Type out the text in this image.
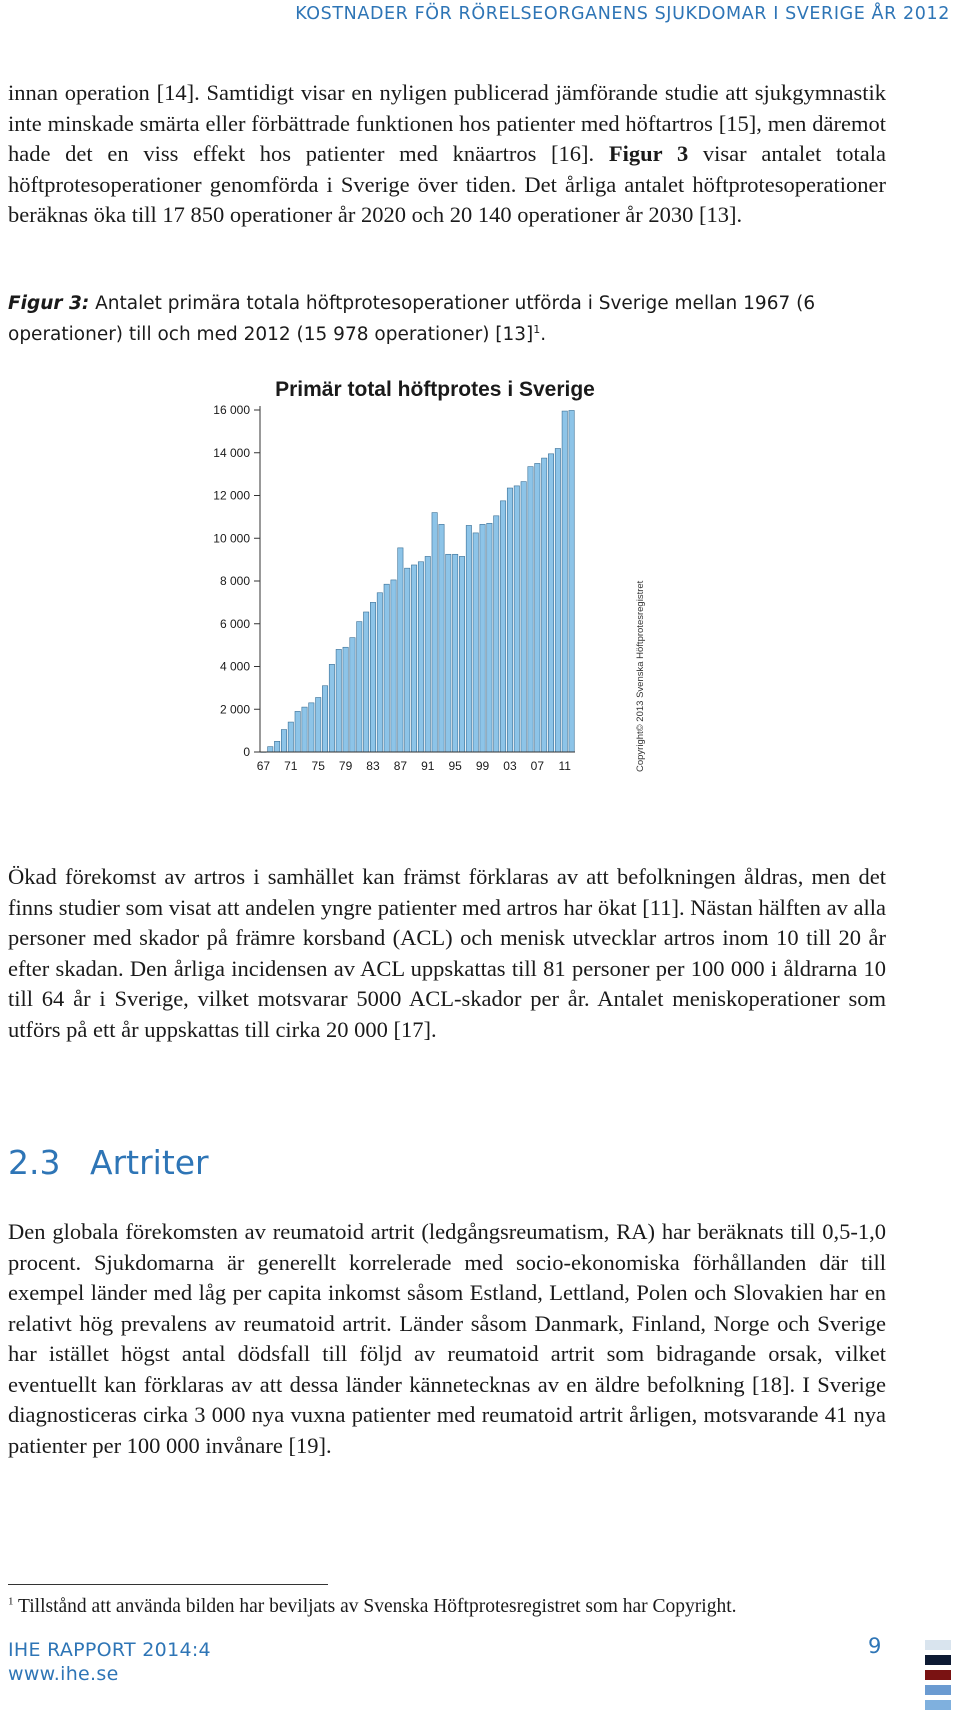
KOSTNADER FÖR RÖRELSEORGANENS SJUKDOMAR I SVERIGE ÅR 2012

innan operation [14]. Samtidigt visar en nyligen publicerad jämförande studie att sjukgymnastik inte minskade smärta eller förbättrade funktionen hos patienter med höftartros [15], men däremot hade det en viss effekt hos patienter med knäartros [16]. Figur 3 visar antalet totala höftprotesoperationer genomförda i Sverige över tiden. Det årliga antalet höftprotesoperationer beräknas öka till 17 850 operationer år 2020 och 20 140 operationer år 2030 [13].

Figur 3: Antalet primära totala höftprotesoperationer utförda i Sverige mellan 1967 (6 operationer) till och med 2012 (15 978 operationer) $[13]^1$.
Primär total höftprotes i Sverige
0
2 000
4 000
6 000
8 000
10 000
12 000
14 000
16 000
67 71 75 79 83 87 91 95 99 03 07 11	Copyright© 2013 Svenska Höftprotesregistret

Ökad förekomst av artros i samhället kan främst förklaras av att befolkningen åldras, men det finns studier som visat att andelen yngre patienter med artros har ökat [11]. Nästan hälften av alla personer med skador på främre korsband (ACL) och menisk utvecklar artros inom 10 till 20 år efter skadan. Den årliga incidensen av ACL uppskattas till 81 personer per 100 000 i åldrarna 10 till 64 år i Sverige, vilket motsvarar 5000 ACL-skador per år. Antalet meniskoperationer som utförs på ett år uppskattas till cirka 20 000 [17].

2.3 Artriter

Den globala förekomsten av reumatoid artrit (ledgångsreumatism, RA) har beräknats till 0,5-1,0 procent. Sjukdomarna är generellt korrelerade med socio-ekonomiska förhållanden där till exempel länder med låg per capita inkomst såsom Estland, Lettland, Polen och Slovakien har en relativt hög prevalens av reumatoid artrit. Länder såsom Danmark, Finland, Norge och Sverige har istället högst antal dödsfall till följd av reumatoid artrit som bidragande orsak, vilket eventuellt kan förklaras av att dessa länder kännetecknas av en äldre befolkning [18]. I Sverige diagnosticeras cirka 3 000 nya vuxna patienter med reumatoid artrit årligen, motsvarande 41 nya patienter per 100 000 invånare [19].

$^1$ Tillstånd att använda bilden har beviljats av Svenska Höftprotesregistret som har Copyright.
IHE RAPPORT 2014:4
www.ihe.se
9
